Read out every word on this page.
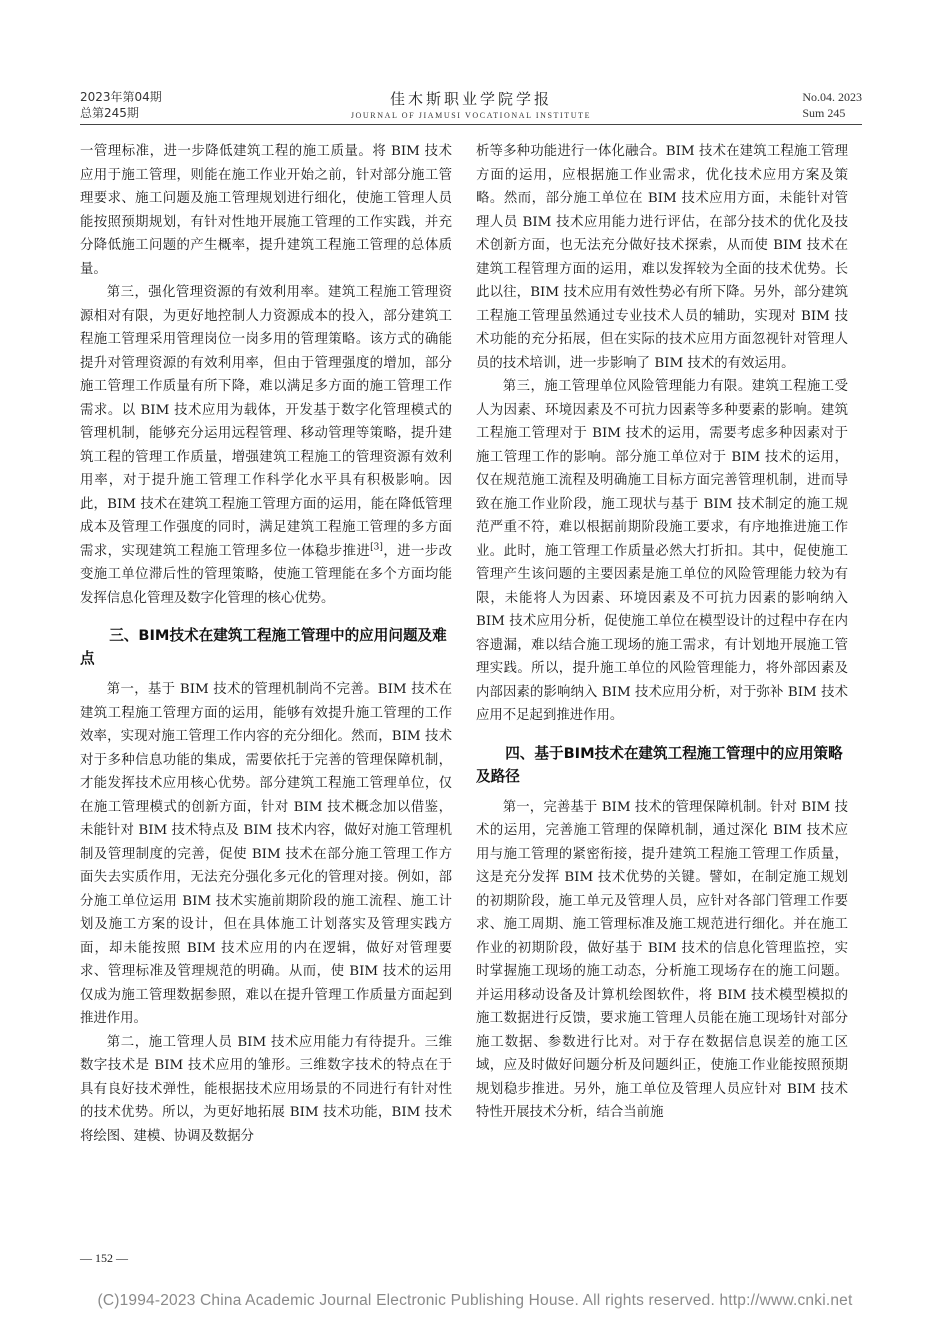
2023年第04期
总第245期
佳木斯职业学院学报
JOURNAL OF JIAMUSI VOCATIONAL INSTITUTE
No.04. 2023
Sum 245

一管理标准，进一步降低建筑工程的施工质量。将 BIM 技术应用于施工管理，则能在施工作业开始之前，针对部分施工管理要求、施工问题及施工管理规划进行细化，使施工管理人员能按照预期规划，有针对性地开展施工管理的工作实践，并充分降低施工问题的产生概率，提升建筑工程施工管理的总体质量。

第三，强化管理资源的有效利用率。建筑工程施工管理资源相对有限，为更好地控制人力资源成本的投入，部分建筑工程施工管理采用管理岗位一岗多用的管理策略。该方式的确能提升对管理资源的有效利用率，但由于管理强度的增加，部分施工管理工作质量有所下降，难以满足多方面的施工管理工作需求。以 BIM 技术应用为载体，开发基于数字化管理模式的管理机制，能够充分运用远程管理、移动管理等策略，提升建筑工程的管理工作质量，增强建筑工程施工的管理资源有效利用率，对于提升施工管理工作科学化水平具有积极影响。因此，BIM 技术在建筑工程施工管理方面的运用，能在降低管理成本及管理工作强度的同时，满足建筑工程施工管理的多方面需求，实现建筑工程施工管理多位一体稳步推进[3]，进一步改变施工单位滞后性的管理策略，使施工管理能在多个方面均能发挥信息化管理及数字化管理的核心优势。

三、BIM技术在建筑工程施工管理中的应用问题及难点

第一，基于 BIM 技术的管理机制尚不完善。BIM 技术在建筑工程施工管理方面的运用，能够有效提升施工管理的工作效率，实现对施工管理工作内容的充分细化。然而，BIM 技术对于多种信息功能的集成，需要依托于完善的管理保障机制，才能发挥技术应用核心优势。部分建筑工程施工管理单位，仅在施工管理模式的创新方面，针对 BIM 技术概念加以借鉴，未能针对 BIM 技术特点及 BIM 技术内容，做好对施工管理机制及管理制度的完善，促使 BIM 技术在部分施工管理工作方面失去实质作用，无法充分强化多元化的管理对接。例如，部分施工单位运用 BIM 技术实施前期阶段的施工流程、施工计划及施工方案的设计，但在具体施工计划落实及管理实践方面，却未能按照 BIM 技术应用的内在逻辑，做好对管理要求、管理标准及管理规范的明确。从而，使 BIM 技术的运用仅成为施工管理数据参照，难以在提升管理工作质量方面起到推进作用。

第二，施工管理人员 BIM 技术应用能力有待提升。三维数字技术是 BIM 技术应用的雏形。三维数字技术的特点在于具有良好技术弹性，能根据技术应用场景的不同进行有针对性的技术优势。所以，为更好地拓展 BIM 技术功能，BIM 技术将绘图、建模、协调及数据分

析等多种功能进行一体化融合。BIM 技术在建筑工程施工管理方面的运用，应根据施工作业需求，优化技术应用方案及策略。然而，部分施工单位在 BIM 技术应用方面，未能针对管理人员 BIM 技术应用能力进行评估，在部分技术的优化及技术创新方面，也无法充分做好技术探索，从而使 BIM 技术在建筑工程管理方面的运用，难以发挥较为全面的技术优势。长此以往，BIM 技术应用有效性势必有所下降。另外，部分建筑工程施工管理虽然通过专业技术人员的辅助，实现对 BIM 技术功能的充分拓展，但在实际的技术应用方面忽视针对管理人员的技术培训，进一步影响了 BIM 技术的有效运用。

第三，施工管理单位风险管理能力有限。建筑工程施工受人为因素、环境因素及不可抗力因素等多种要素的影响。建筑工程施工管理对于 BIM 技术的运用，需要考虑多种因素对于施工管理工作的影响。部分施工单位对于 BIM 技术的运用，仅在规范施工流程及明确施工目标方面完善管理机制，进而导致在施工作业阶段，施工现状与基于 BIM 技术制定的施工规范严重不符，难以根据前期阶段施工要求，有序地推进施工作业。此时，施工管理工作质量必然大打折扣。其中，促使施工管理产生该问题的主要因素是施工单位的风险管理能力较为有限，未能将人为因素、环境因素及不可抗力因素的影响纳入 BIM 技术应用分析，促使施工单位在模型设计的过程中存在内容遗漏，难以结合施工现场的施工需求，有计划地开展施工管理实践。所以，提升施工单位的风险管理能力，将外部因素及内部因素的影响纳入 BIM 技术应用分析，对于弥补 BIM 技术应用不足起到推进作用。

四、基于BIM技术在建筑工程施工管理中的应用策略及路径

第一，完善基于 BIM 技术的管理保障机制。针对 BIM 技术的运用，完善施工管理的保障机制，通过深化 BIM 技术应用与施工管理的紧密衔接，提升建筑工程施工管理工作质量，这是充分发挥 BIM 技术优势的关键。譬如，在制定施工规划的初期阶段，施工单元及管理人员，应针对各部门管理工作要求、施工周期、施工管理标准及施工规范进行细化。并在施工作业的初期阶段，做好基于 BIM 技术的信息化管理监控，实时掌握施工现场的施工动态，分析施工现场存在的施工问题。并运用移动设备及计算机绘图软件，将 BIM 技术模型模拟的施工数据进行反馈，要求施工管理人员能在施工现场针对部分施工数据、参数进行比对。对于存在数据信息误差的施工区域，应及时做好问题分析及问题纠正，使施工作业能按照预期规划稳步推进。另外，施工单位及管理人员应针对 BIM 技术特性开展技术分析，结合当前施

— 152 —
(C)1994-2023 China Academic Journal Electronic Publishing House. All rights reserved. http://www.cnki.net
